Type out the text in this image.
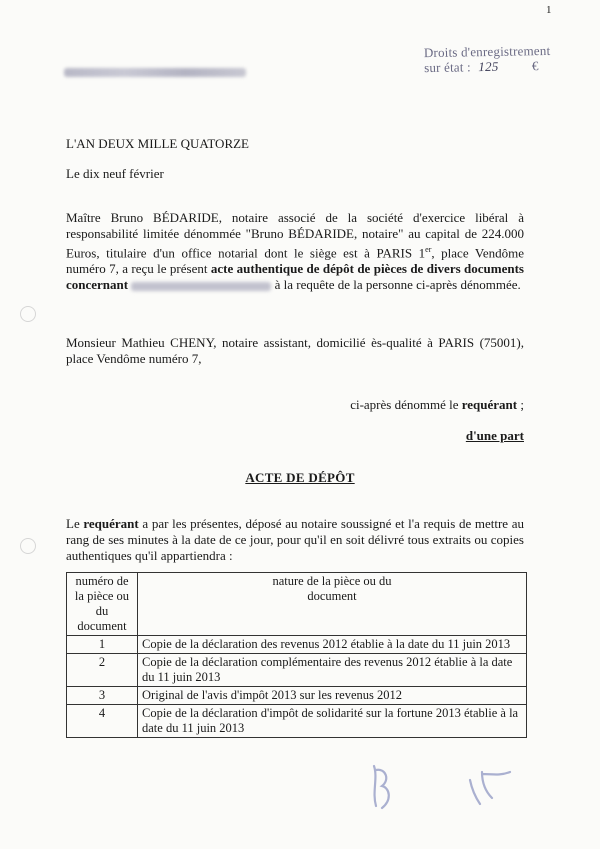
1
Droits d'enregistrement
sur état : 125	€

L'AN DEUX MILLE QUATORZE

Le dix neuf février

Maître Bruno BÉDARIDE, notaire associé de la société d'exercice libéral à responsabilité limitée dénommée "Bruno BÉDARIDE, notaire" au capital de 224.000 Euros, titulaire d'un office notarial dont le siège est à PARIS 1er, place Vendôme numéro 7, a reçu le présent acte authentique de dépôt de pièces de divers documents concernant	à la requête de la personne ci-après dénommée.

Monsieur Mathieu CHENY, notaire assistant, domicilié ès-qualité à PARIS (75001), place Vendôme numéro 7,

ci-après dénommé le requérant ;
d'une part
ACTE DE DÉPÔT

Le requérant a par les présentes, déposé au notaire soussigné et l'a requis de mettre au rang de ses minutes à la date de ce jour, pour qu'il en soit délivré tous extraits ou copies authentiques qu'il appartiendra :

numéro de la pièce ou du document	nature de la pièce ou du document

1	Copie de la déclaration des revenus 2012 établie à la date du 11 juin 2013
2	Copie de la déclaration complémentaire des revenus 2012 établie à la date du 11 juin 2013
3	Original de l'avis d'impôt 2013 sur les revenus 2012
4	Copie de la déclaration d'impôt de solidarité sur la fortune 2013 établie à la date du 11 juin 2013
